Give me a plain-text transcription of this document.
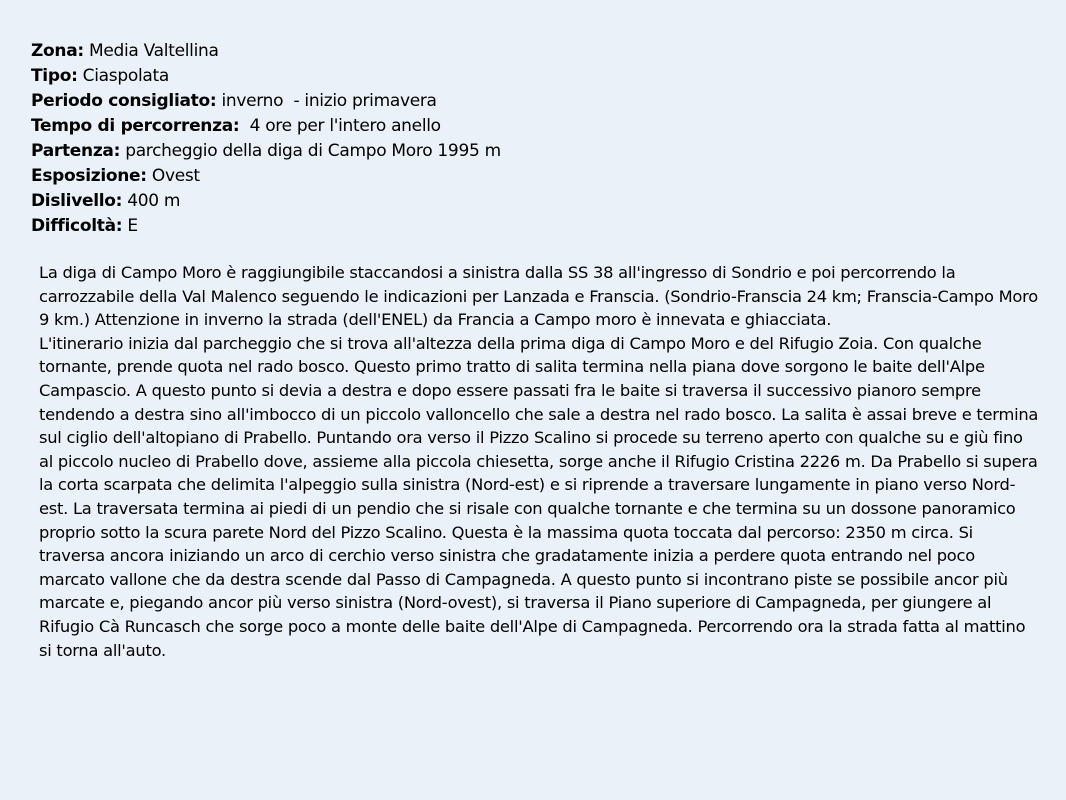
Zona: Media Valtellina
Tipo: Ciaspolata
Periodo consigliato: inverno  - inizio primavera
Tempo di percorrenza:  4 ore per l'intero anello
Partenza: parcheggio della diga di Campo Moro 1995 m
Esposizione: Ovest
Dislivello: 400 m
Difficoltà: E

La diga di Campo Moro è raggiungibile staccandosi a sinistra dalla SS 38 all'ingresso di Sondrio e poi percorrendo la carrozzabile della Val Malenco seguendo le indicazioni per Lanzada e Franscia. (Sondrio-Franscia 24 km; Franscia-Campo Moro 9 km.) Attenzione in inverno la strada (dell'ENEL) da Francia a Campo moro è innevata e ghiacciata.

L'itinerario inizia dal parcheggio che si trova all'altezza della prima diga di Campo Moro e del Rifugio Zoia. Con qualche tornante, prende quota nel rado bosco. Questo primo tratto di salita termina nella piana dove sorgono le baite dell'Alpe Campascio. A questo punto si devia a destra e dopo essere passati fra le baite si traversa il successivo pianoro sempre tendendo a destra sino all'imbocco di un piccolo valloncello che sale a destra nel rado bosco. La salita è assai breve e termina sul ciglio dell'altopiano di Prabello. Puntando ora verso il Pizzo Scalino si procede su terreno aperto con qualche su e giù fino al piccolo nucleo di Prabello dove, assieme alla piccola chiesetta, sorge anche il Rifugio Cristina 2226 m. Da Prabello si supera la corta scarpata che delimita l'alpeggio sulla sinistra (Nord-est) e si riprende a traversare lungamente in piano verso Nord-est. La traversata termina ai piedi di un pendio che si risale con qualche tornante e che termina su un dossone panoramico proprio sotto la scura parete Nord del Pizzo Scalino. Questa è la massima quota toccata dal percorso: 2350 m circa. Si traversa ancora iniziando un arco di cerchio verso sinistra che gradatamente inizia a perdere quota entrando nel poco marcato vallone che da destra scende dal Passo di Campagneda. A questo punto si incontrano piste se possibile ancor più marcate e, piegando ancor più verso sinistra (Nord-ovest), si traversa il Piano superiore di Campagneda, per giungere al Rifugio Cà Runcasch che sorge poco a monte delle baite dell'Alpe di Campagneda. Percorrendo ora la strada fatta al mattino si torna all'auto.
